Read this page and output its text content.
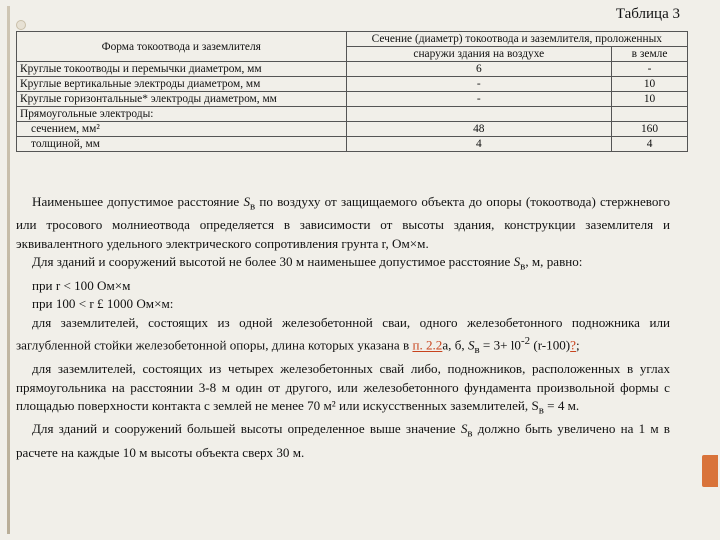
Таблица 3
Форма токоотвода и заземлителя	Сечение (диаметр) токоотвода и заземлителя, проложенных	
	снаружи здания на воздухе	в земле
Круглые токоотводы и перемычки диаметром, мм	6	-
Круглые вертикальные электроды диаметром, мм	-	10
Круглые горизонтальные* электроды диаметром, мм	-	10
Прямоугольные электроды:		
сечением, мм²	48	160
толщиной, мм	4	4

Наименьшее допустимое расстояние $S_в$ по воздуху от защищаемого объекта до опоры (токоотвода) стержневого или тросового молниеотвода определяется в зависимости от высоты здания, конструкции заземлителя и эквивалентного удельного электрического сопротивления грунта r, Ом×м.

Для зданий и сооружений высотой не более 30 м наименьшее допустимое расстояние $S_в$, м, равно:

при r < 100 Ом×м

при 100 < r £ 1000 Ом×м:

для заземлителей, состоящих из одной железобетонной сваи, одного железобетонного подножника или заглубленной стойки железобетонной опоры, длина которых указана в п. 2.2а, б, $S_в = 3+ l0^{-2}$ (r-100)?;

для заземлителей, состоящих из четырех железобетонных свай либо, подножников, расположенных в углах прямоугольника на расстоянии 3-8 м один от другого, или железобетонного фундамента произвольной формы с площадью поверхности контакта с землей не менее 70 м² или искусственных заземлителей, $S_в = 4$ м.

Для зданий и сооружений большей высоты определенное выше значение $S_в$ должно быть увеличено на 1 м в расчете на каждые 10 м высоты объекта сверх 30 м.
